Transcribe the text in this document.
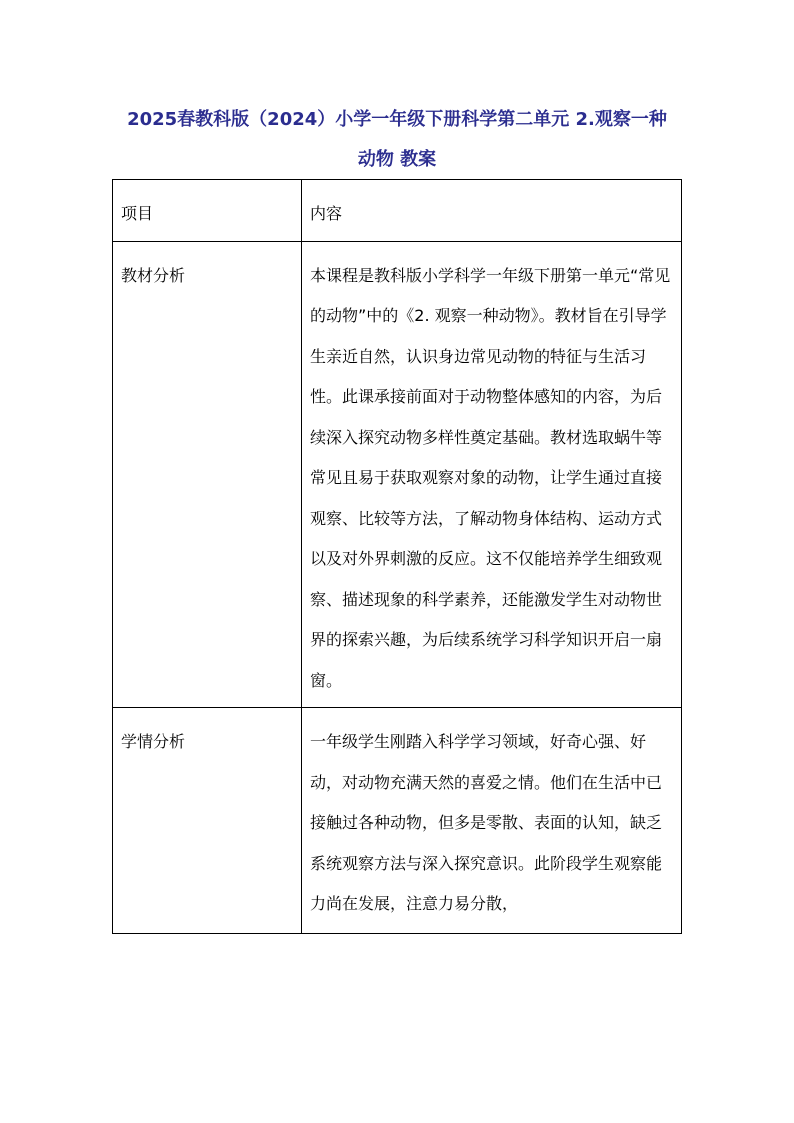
2025春教科版（2024）小学一年级下册科学第二单元 2.观察一种
动物 教案
项目	内容

教材分析	本课程是教科版小学科学一年级下册第一单元“常见的动物”中的《2. 观察一种动物》。教材旨在引导学生亲近自然，认识身边常见动物的特征与生活习性。此课承接前面对于动物整体感知的内容，为后续深入探究动物多样性奠定基础。教材选取蜗牛等常见且易于获取观察对象的动物，让学生通过直接观察、比较等方法，了解动物身体结构、运动方式以及对外界刺激的反应。这不仅能培养学生细致观察、描述现象的科学素养，还能激发学生对动物世界的探索兴趣，为后续系统学习科学知识开启一扇窗。

学情分析	一年级学生刚踏入科学学习领域，好奇心强、好动，对动物充满天然的喜爱之情。他们在生活中已接触过各种动物，但多是零散、表面的认知，缺乏系统观察方法与深入探究意识。此阶段学生观察能力尚在发展，注意力易分散，
